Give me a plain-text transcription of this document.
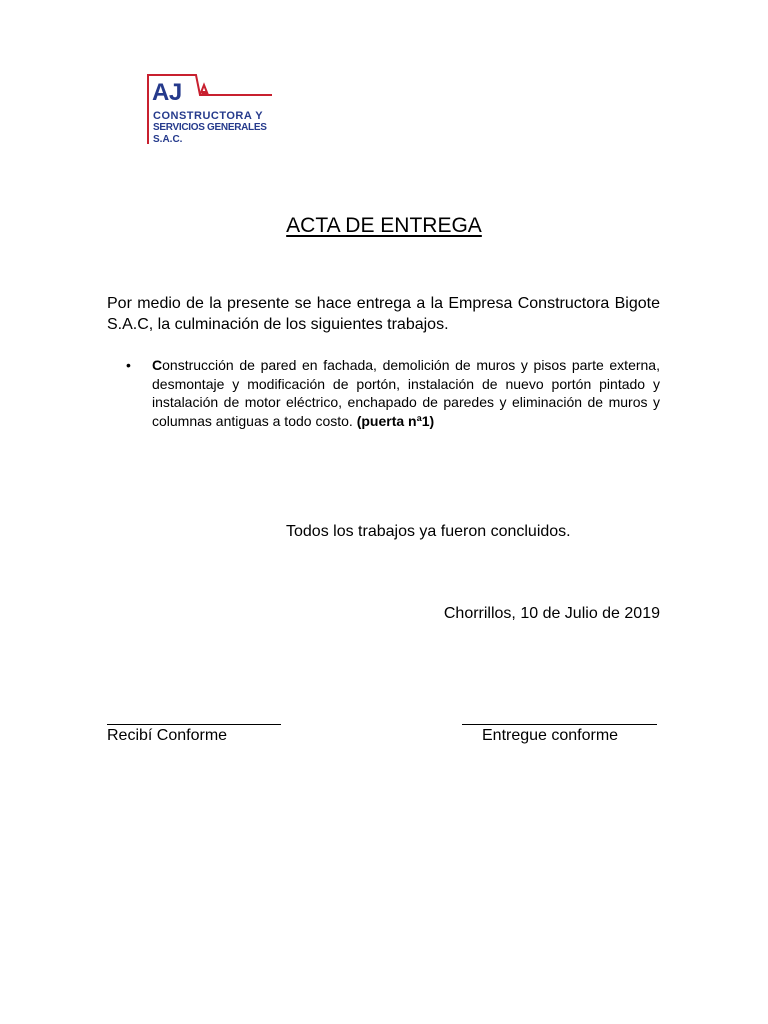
AJ
CONSTRUCTORA Y
SERVICIOS GENERALES
S.A.C.
ACTA DE ENTREGA
Por medio de la presente se hace entrega a la Empresa Constructora Bigote S.A.C, la culminación de los siguientes trabajos.
•	Construcción de pared en fachada, demolición de muros y pisos parte externa, desmontaje y modificación de portón, instalación de nuevo portón pintado y instalación de motor eléctrico, enchapado de paredes y eliminación de muros y columnas antiguas a todo costo. (puerta nª1)
Todos los trabajos ya fueron concluidos.
Chorrillos, 10 de Julio de 2019
Recibí Conforme	Entregue conforme
